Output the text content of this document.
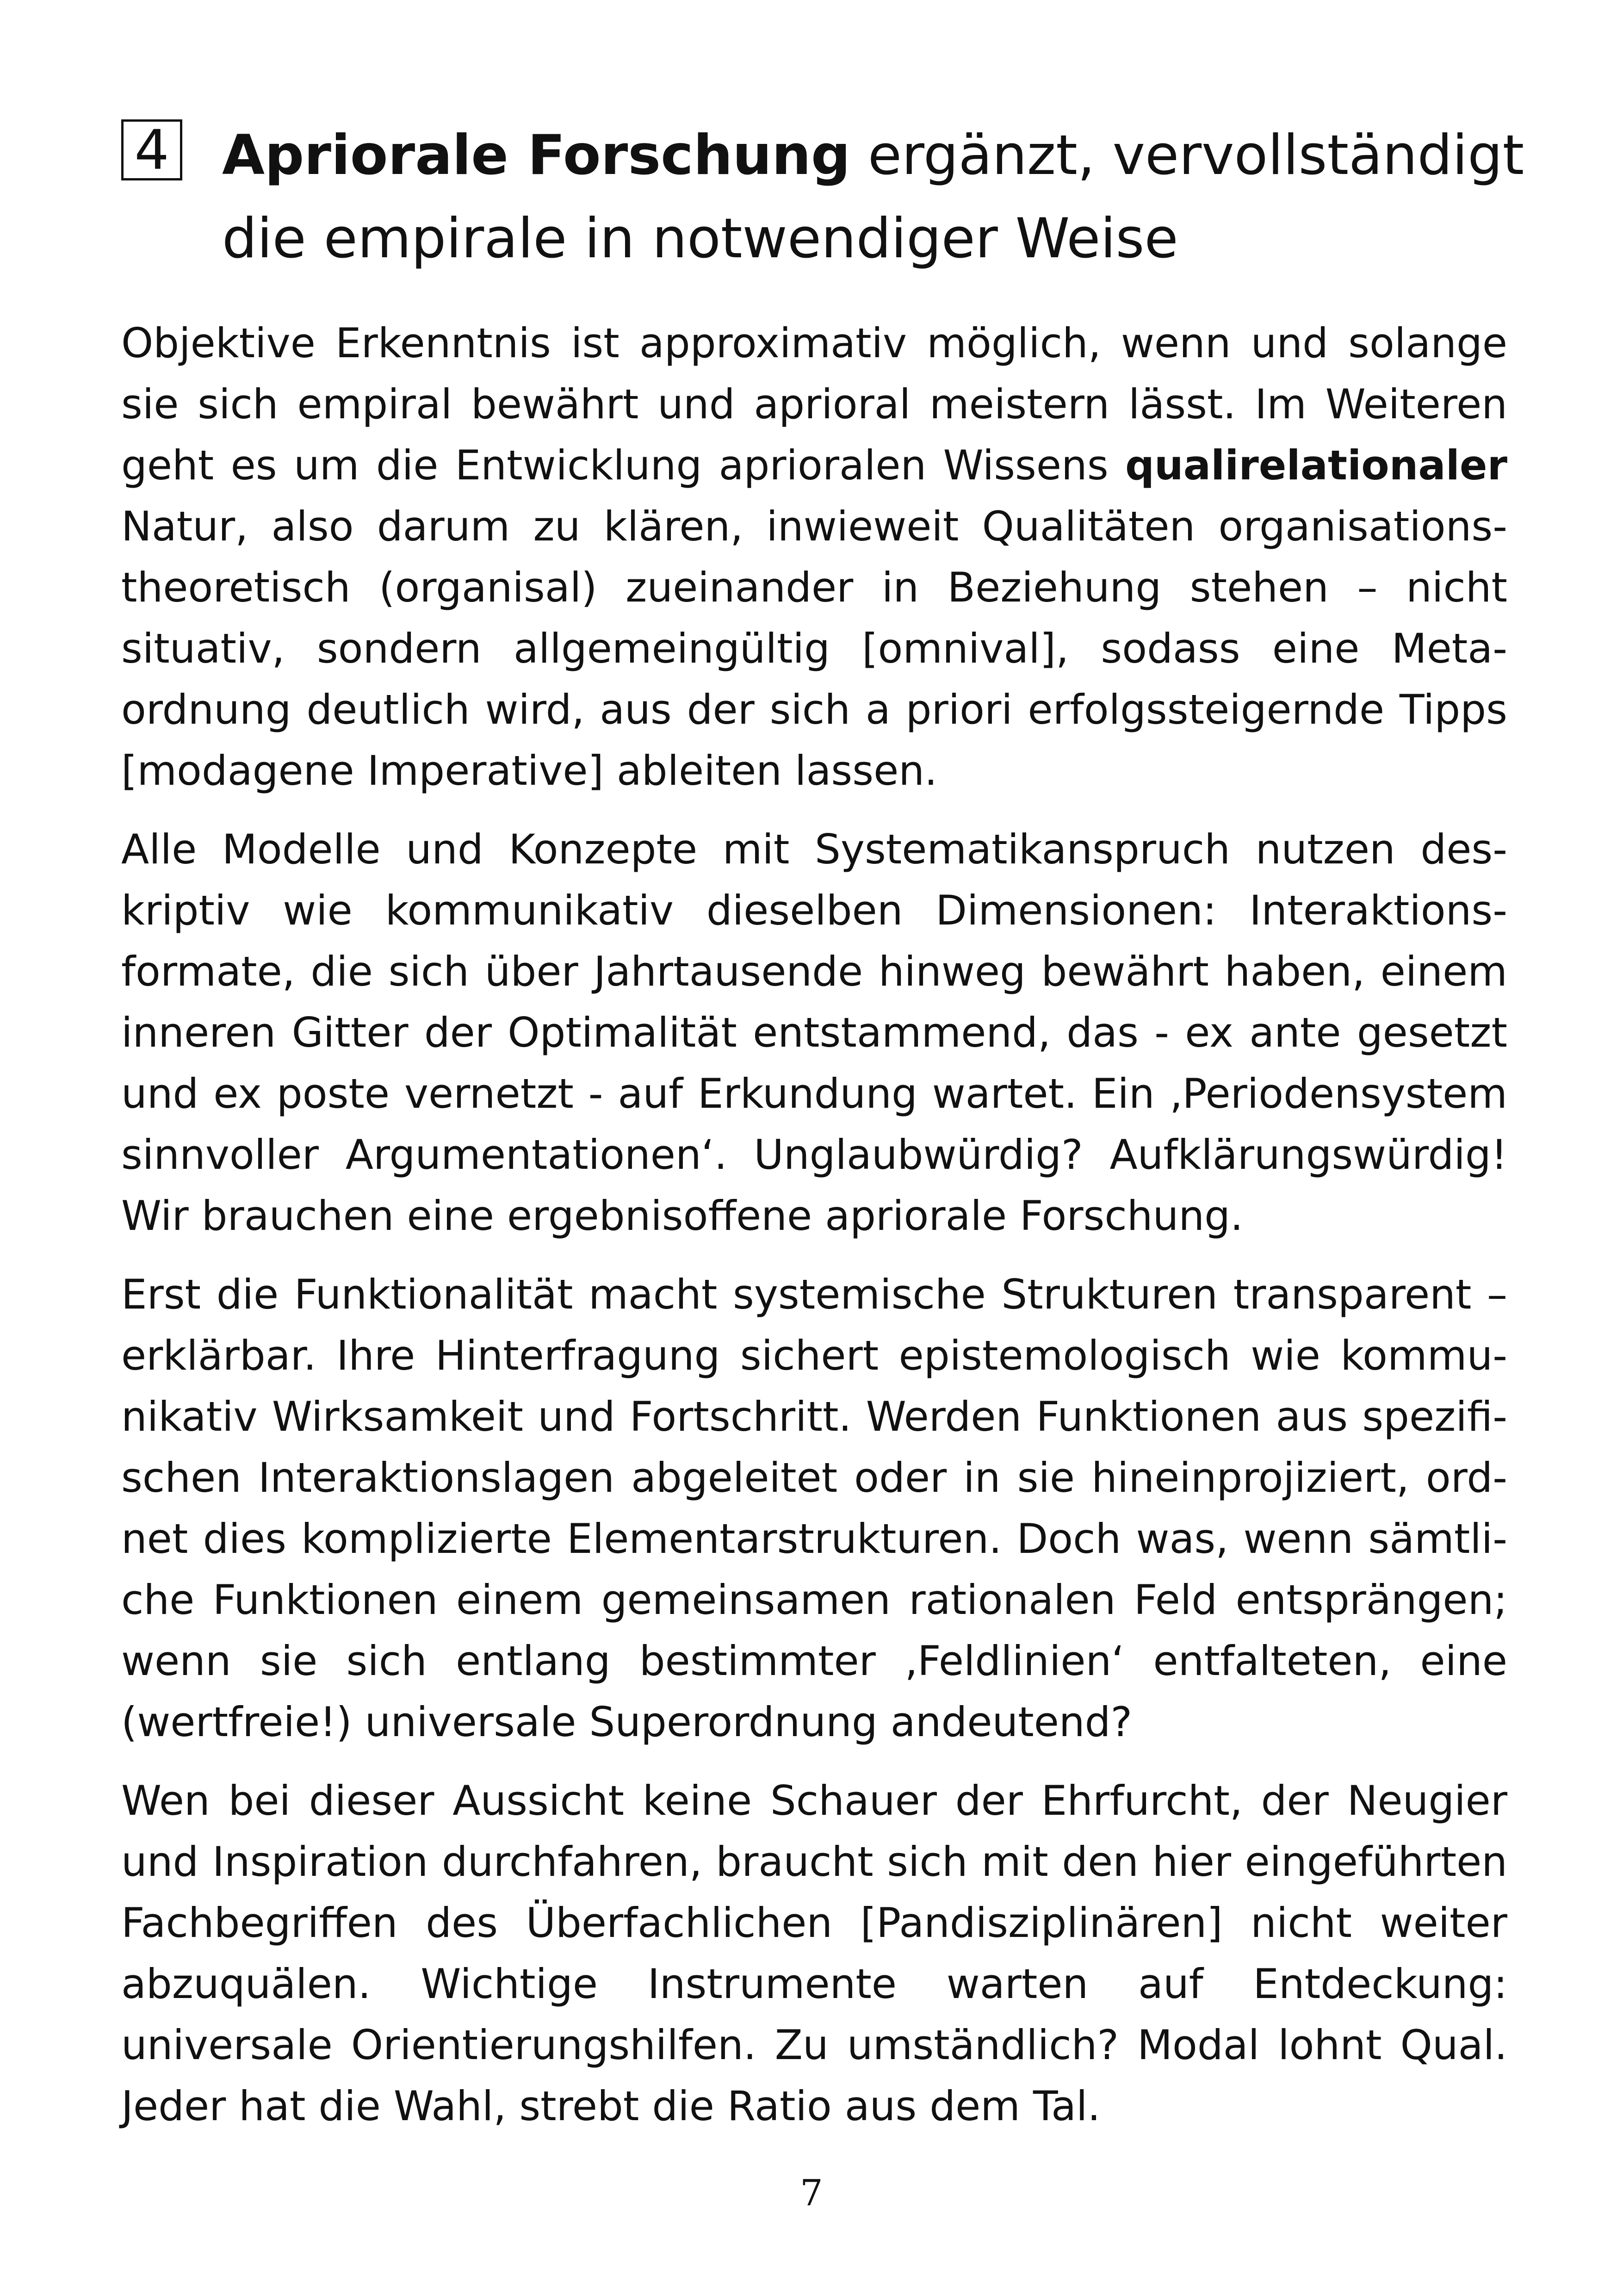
4 Apriorale Forschung ergänzt, vervollständigt die empirale in notwendiger Weise

Objektive Erkenntnis ist approximativ möglich, wenn und solange sie sich empiral bewährt und aprioral meistern lässt. Im Weiteren geht es um die Entwicklung aprioralen Wissens qualirelationaler Natur, also darum zu klären, inwieweit Qualitäten organisationstheoretisch (organisal) zueinander in Beziehung stehen – nicht situativ, sondern allgemeingültig [omnival], sodass eine Metaordnung deutlich wird, aus der sich a priori erfolgssteigernde Tipps [modagene Imperative] ableiten lassen.

Alle Modelle und Konzepte mit Systematikanspruch nutzen deskriptiv wie kommunikativ dieselben Dimensionen: Interaktionsformate, die sich über Jahrtausende hinweg bewährt haben, einem inneren Gitter der Optimalität entstammend, das - ex ante gesetzt und ex poste vernetzt - auf Erkundung wartet. Ein ‚Periodensystem sinnvoller Argumentationen‘. Unglaubwürdig? Aufklärungswürdig! Wir brauchen eine ergebnisoffene apriorale Forschung.

Erst die Funktionalität macht systemische Strukturen transparent – erklärbar. Ihre Hinterfragung sichert epistemologisch wie kommunikativ Wirksamkeit und Fortschritt. Werden Funktionen aus spezifischen Interaktionslagen abgeleitet oder in sie hineinprojiziert, ordnet dies komplizierte Elementarstrukturen. Doch was, wenn sämtliche Funktionen einem gemeinsamen rationalen Feld entsprängen; wenn sie sich entlang bestimmter ‚Feldlinien‘ entfalteten, eine (wertfreie!) universale Superordnung andeutend?

Wen bei dieser Aussicht keine Schauer der Ehrfurcht, der Neugier und Inspiration durchfahren, braucht sich mit den hier eingeführten Fachbegriffen des Überfachlichen [Pandisziplinären] nicht weiter abzuquälen. Wichtige Instrumente warten auf Entdeckung: universale Orientierungshilfen. Zu umständlich? Modal lohnt Qual. Jeder hat die Wahl, strebt die Ratio aus dem Tal.

7
